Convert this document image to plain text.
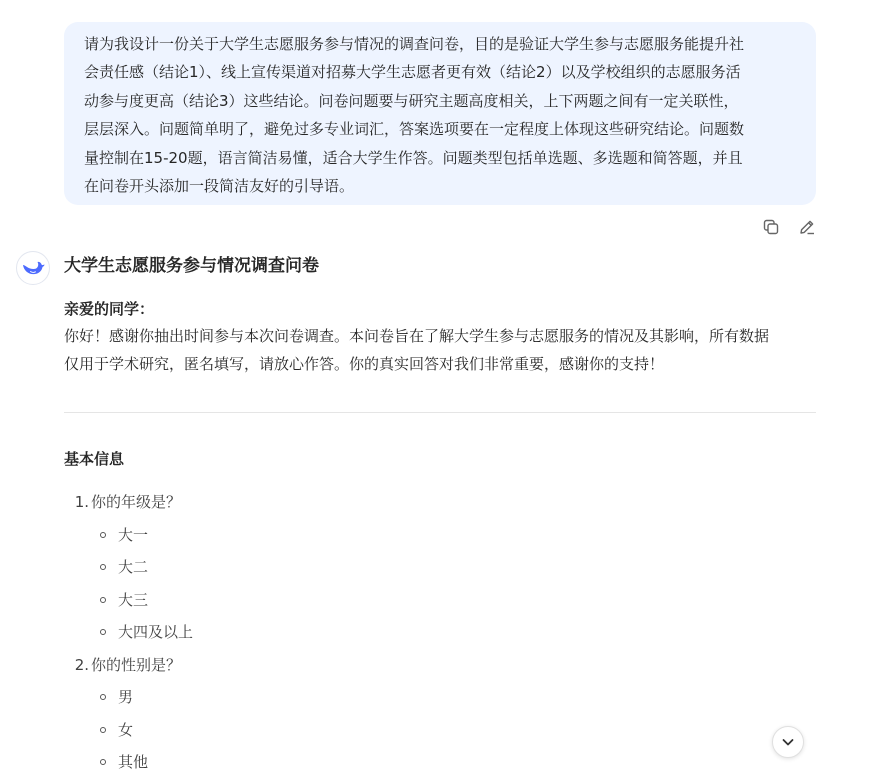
请为我设计一份关于大学生志愿服务参与情况的调查问卷，目的是验证大学生参与志愿服务能提升社
会责任感（结论1）、线上宣传渠道对招募大学生志愿者更有效（结论2）以及学校组织的志愿服务活
动参与度更高（结论3）这些结论。问卷问题要与研究主题高度相关，上下两题之间有一定关联性，
层层深入。问题简单明了，避免过多专业词汇，答案选项要在一定程度上体现这些研究结论。问题数
量控制在15-20题，语言简洁易懂，适合大学生作答。问题类型包括单选题、多选题和简答题，并且
在问卷开头添加一段简洁友好的引导语。
大学生志愿服务参与情况调查问卷
亲爱的同学：
你好！感谢你抽出时间参与本次问卷调查。本问卷旨在了解大学生参与志愿服务的情况及其影响，所有数据
仅用于学术研究，匿名填写，请放心作答。你的真实回答对我们非常重要，感谢你的支持！
基本信息
1. 你的年级是？
大一
大二
大三
大四及以上
2. 你的性别是？
男
女
其他
